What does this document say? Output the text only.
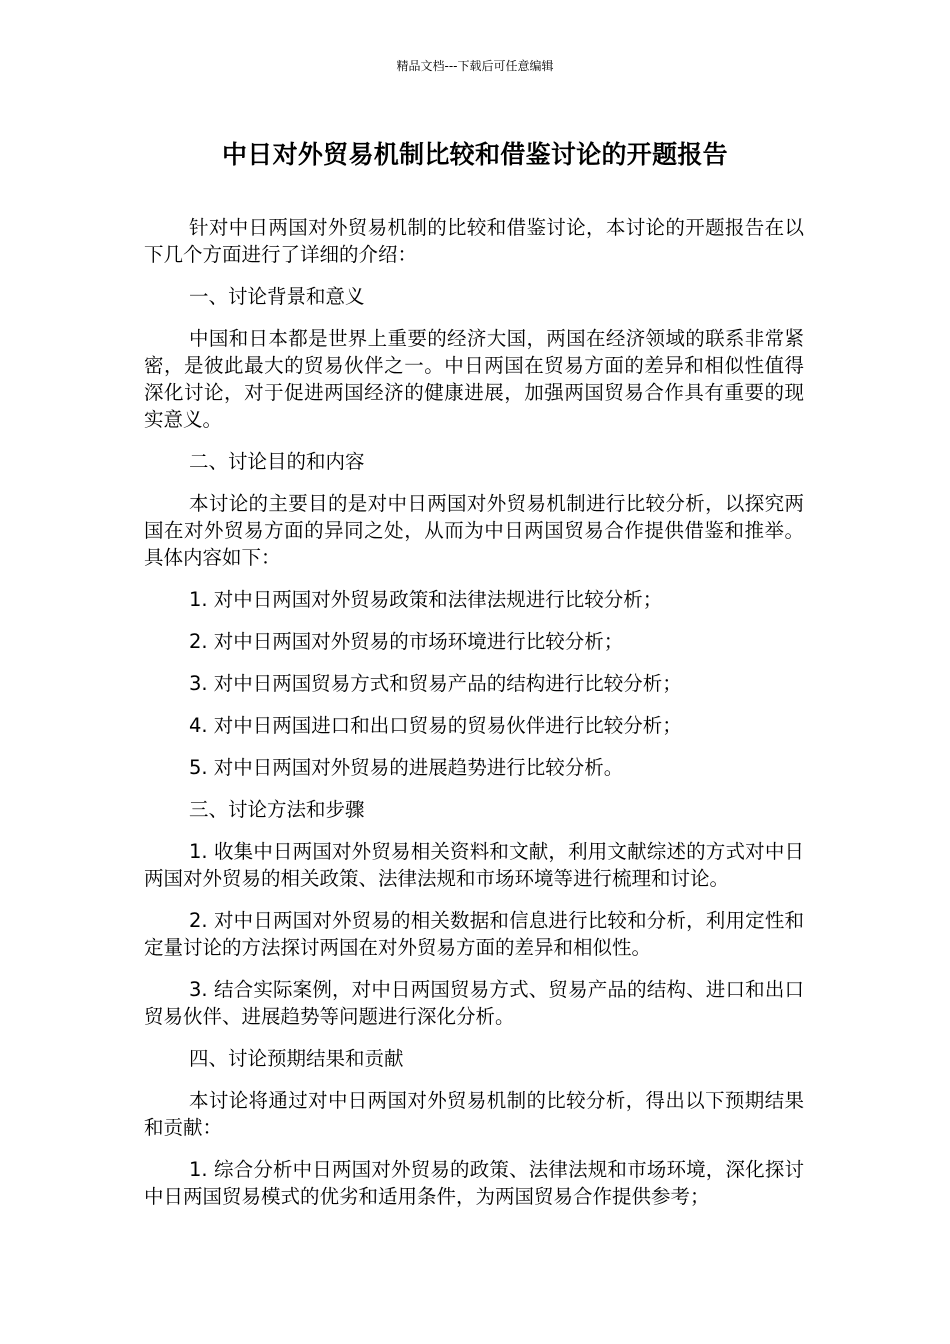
精品文档---下载后可任意编辑
中日对外贸易机制比较和借鉴讨论的开题报告

针对中日两国对外贸易机制的比较和借鉴讨论，本讨论的开题报告在以下几个方面进行了详细的介绍：

一、讨论背景和意义

中国和日本都是世界上重要的经济大国，两国在经济领域的联系非常紧密，是彼此最大的贸易伙伴之一。中日两国在贸易方面的差异和相似性值得深化讨论，对于促进两国经济的健康进展，加强两国贸易合作具有重要的现实意义。

二、讨论目的和内容

本讨论的主要目的是对中日两国对外贸易机制进行比较分析，以探究两国在对外贸易方面的异同之处，从而为中日两国贸易合作提供借鉴和推举。具体内容如下：

1. 对中日两国对外贸易政策和法律法规进行比较分析；

2. 对中日两国对外贸易的市场环境进行比较分析；

3. 对中日两国贸易方式和贸易产品的结构进行比较分析；

4. 对中日两国进口和出口贸易的贸易伙伴进行比较分析；

5. 对中日两国对外贸易的进展趋势进行比较分析。

三、讨论方法和步骤

1. 收集中日两国对外贸易相关资料和文献，利用文献综述的方式对中日两国对外贸易的相关政策、法律法规和市场环境等进行梳理和讨论。

2. 对中日两国对外贸易的相关数据和信息进行比较和分析，利用定性和定量讨论的方法探讨两国在对外贸易方面的差异和相似性。

3. 结合实际案例，对中日两国贸易方式、贸易产品的结构、进口和出口贸易伙伴、进展趋势等问题进行深化分析。

四、讨论预期结果和贡献

本讨论将通过对中日两国对外贸易机制的比较分析，得出以下预期结果和贡献：

1. 综合分析中日两国对外贸易的政策、法律法规和市场环境，深化探讨中日两国贸易模式的优劣和适用条件，为两国贸易合作提供参考；
